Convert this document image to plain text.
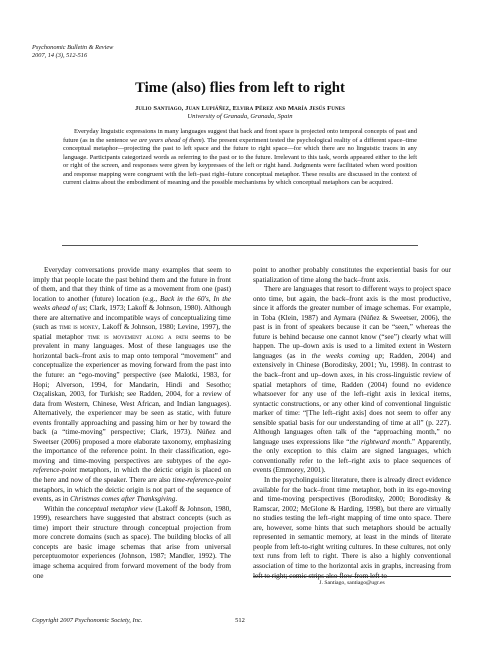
Psychonomic Bulletin & Review
2007, 14 (3), 512-516
Time (also) flies from left to right
Julio Santiago, Juan Lupiáñez, Elvira Pérez and María Jesús Funes
University of Granada, Granada, Spain

Everyday linguistic expressions in many languages suggest that back and front space is projected onto temporal concepts of past and future (as in the sentence we are years ahead of them). The present experiment tested the psychological reality of a different space–time conceptual metaphor—projecting the past to left space and the future to right space—for which there are no linguistic traces in any language. Participants categorized words as referring to the past or to the future. Irrelevant to this task, words appeared either to the left or right of the screen, and responses were given by keypresses of the left or right hand. Judgments were facilitated when word position and response mapping were congruent with the left–past right–future conceptual metaphor. These results are discussed in the context of current claims about the embodiment of meaning and the possible mechanisms by which conceptual metaphors can be acquired.

Everyday conversations provide many examples that seem to imply that people locate the past behind them and the future in front of them, and that they think of time as a movement from one (past) location to another (future) location (e.g., Back in the 60's, In the weeks ahead of us; Clark, 1973; Lakoff & Johnson, 1980). Although there are alternative and incompatible ways of conceptualizing time (such as time is money, Lakoff & Johnson, 1980; Levine, 1997), the spatial metaphor time is movement along a path seems to be prevalent in many languages. Most of these languages use the horizontal back–front axis to map onto temporal “movement” and conceptualize the experiencer as moving forward from the past into the future: an “ego-moving” perspective (see Malotki, 1983, for Hopi; Alverson, 1994, for Mandarin, Hindi and Sesotho; Ozçaliskan, 2003, for Turkish; see Radden, 2004, for a review of data from Western, Chinese, West African, and Indian languages). Alternatively, the experiencer may be seen as static, with future events frontally approaching and passing him or her by toward the back (a “time-moving” perspective; Clark, 1973). Núñez and Sweetser (2006) proposed a more elaborate taxonomy, emphasizing the importance of the reference point. In their classification, ego-moving and time-moving perspectives are subtypes of the ego-reference-point metaphors, in which the deictic origin is placed on the here and now of the speaker. There are also time-reference-point metaphors, in which the deictic origin is not part of the sequence of events, as in Christmas comes after Thanksgiving.

Within the conceptual metaphor view (Lakoff & Johnson, 1980, 1999), researchers have suggested that abstract concepts (such as time) import their structure through conceptual projection from more concrete domains (such as space). The building blocks of all concepts are basic image schemas that arise from universal perceptuomotor experiences (Johnson, 1987; Mandler, 1992). The image schema acquired from forward movement of the body from one

point to another probably constitutes the experiential basis for our spatialization of time along the back–front axis.

There are languages that resort to different ways to project space onto time, but again, the back–front axis is the most productive, since it affords the greater number of image schemas. For example, in Toba (Klein, 1987) and Aymara (Núñez & Sweetser, 2006), the past is in front of speakers because it can be “seen,” whereas the future is behind because one cannot know (“see”) clearly what will happen. The up–down axis is used to a limited extent in Western languages (as in the weeks coming up; Radden, 2004) and extensively in Chinese (Boroditsky, 2001; Yu, 1998). In contrast to the back–front and up–down axes, in his cross-linguistic review of spatial metaphors of time, Radden (2004) found no evidence whatsoever for any use of the left–right axis in lexical items, syntactic constructions, or any other kind of conventional linguistic marker of time: “[The left–right axis] does not seem to offer any sensible spatial basis for our understanding of time at all” (p. 227). Although languages often talk of the “approaching month,” no language uses expressions like “the rightward month.” Apparently, the only exception to this claim are signed languages, which conventionally refer to the left–right axis to place sequences of events (Emmorey, 2001).

In the psycholinguistic literature, there is already direct evidence available for the back–front time metaphor, both in its ego-moving and time-moving perspectives (Boroditsky, 2000; Boroditsky & Ramscar, 2002; McGlone & Harding, 1998), but there are virtually no studies testing the left–right mapping of time onto space. There are, however, some hints that such metaphors should be actually represented in semantic memory, at least in the minds of literate people from left-to-right writing cultures. In these cultures, not only text runs from left to right. There is also a highly conventional association of time to the horizontal axis in graphs, increasing from left to right; comic strips also flow from left to

J. Santiago, santiago@ugr.es
Copyright 2007 Psychonomic Society, Inc.	512
